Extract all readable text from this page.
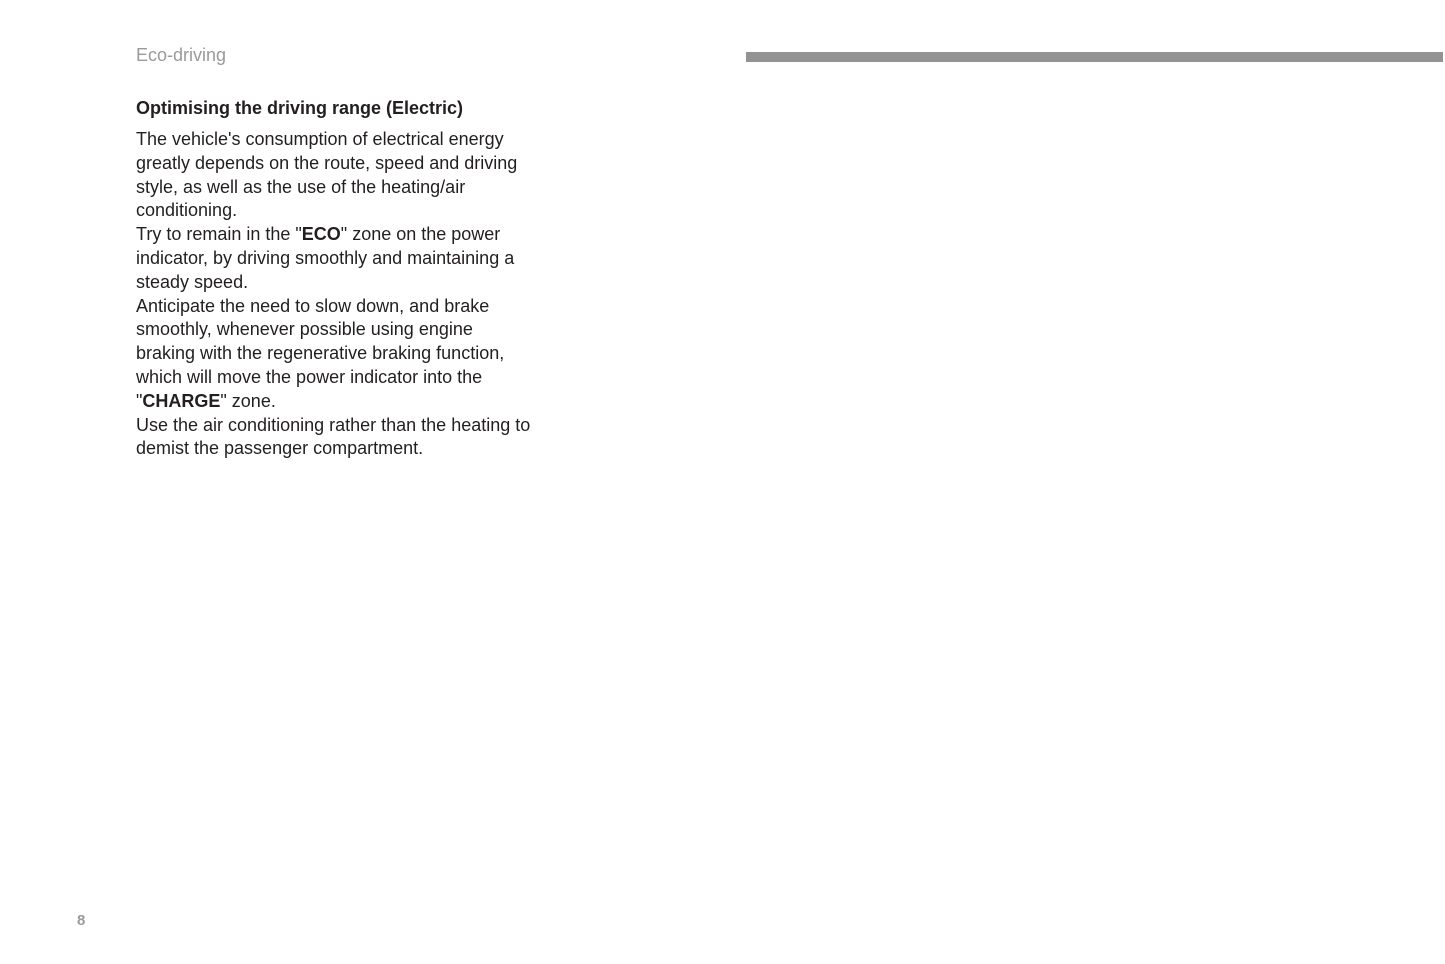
Eco-driving
Optimising the driving range (Electric)

The vehicle's consumption of electrical energy greatly depends on the route, speed and driving style, as well as the use of the heating/air conditioning.

Try to remain in the "ECO" zone on the power indicator, by driving smoothly and maintaining a steady speed.

Anticipate the need to slow down, and brake smoothly, whenever possible using engine braking with the regenerative braking function, which will move the power indicator into the "CHARGE" zone.

Use the air conditioning rather than the heating to demist the passenger compartment.

8
